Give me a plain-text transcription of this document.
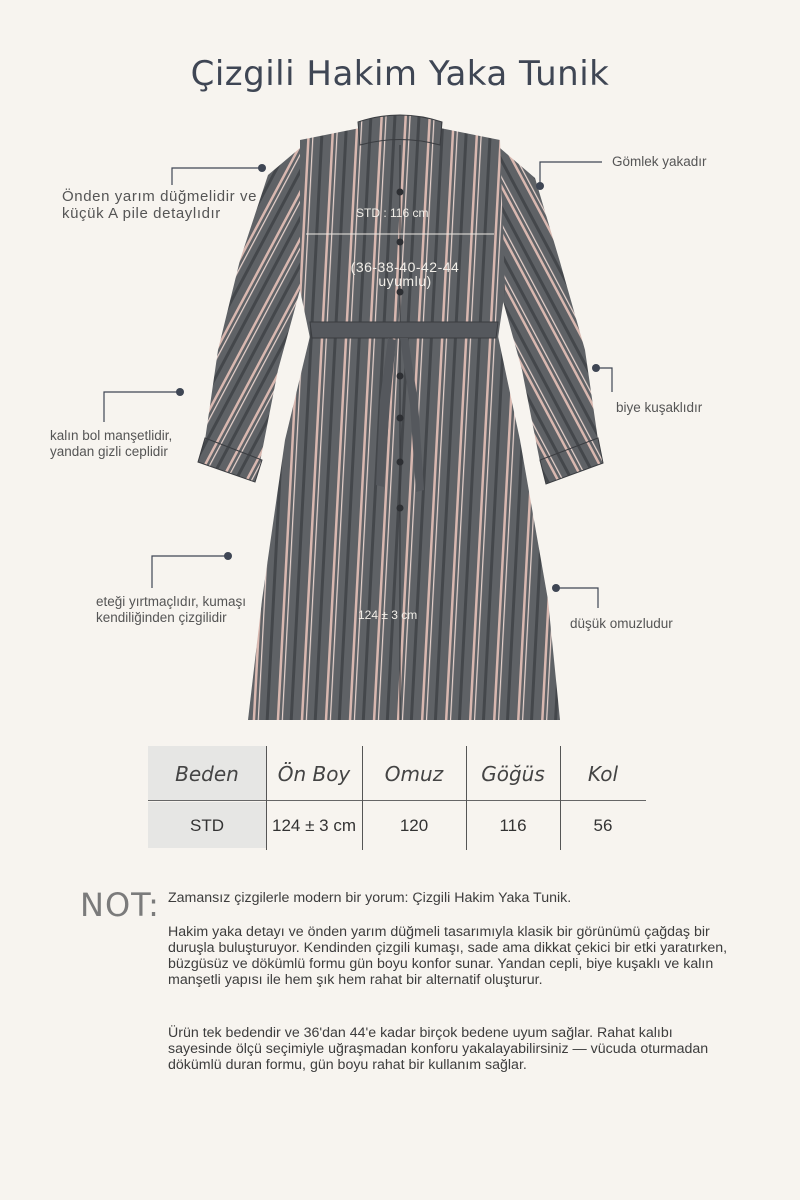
Çizgili Hakim Yaka Tunik
STD : 116 cm
(36-38-40-42-44 uyumlu)
124 ± 3 cm
Önden yarım düğmelidir ve küçük A pile detaylıdır
Gömlek yakadır
kalın bol manşetlidir, yandan gizli ceplidir
biye kuşaklıdır
eteği yırtmaçlıdır, kumaşı kendiliğinden çizgilidir	düşük omuzludur
Beden	Ön Boy	Omuz	Göğüs	Kol
STD	124 ± 3 cm	120	116	56
NOT: Zamansız çizgilerle modern bir yorum: Çizgili Hakim Yaka Tunik.
Hakim yaka detayı ve önden yarım düğmeli tasarımıyla klasik bir görünümü çağdaş bir duruşla buluşturuyor. Kendinden çizgili kumaşı, sade ama dikkat çekici bir etki yaratırken, büzgüsüz ve dökümlü formu gün boyu konfor sunar. Yandan cepli, biye kuşaklı ve kalın manşetli yapısı ile hem şık hem rahat bir alternatif oluşturur.
Ürün tek bedendir ve 36'dan 44'e kadar birçok bedene uyum sağlar. Rahat kalıbı sayesinde ölçü seçimiyle uğraşmadan konforu yakalayabilirsiniz — vücuda oturmadan dökümlü duran formu, gün boyu rahat bir kullanım sağlar.
